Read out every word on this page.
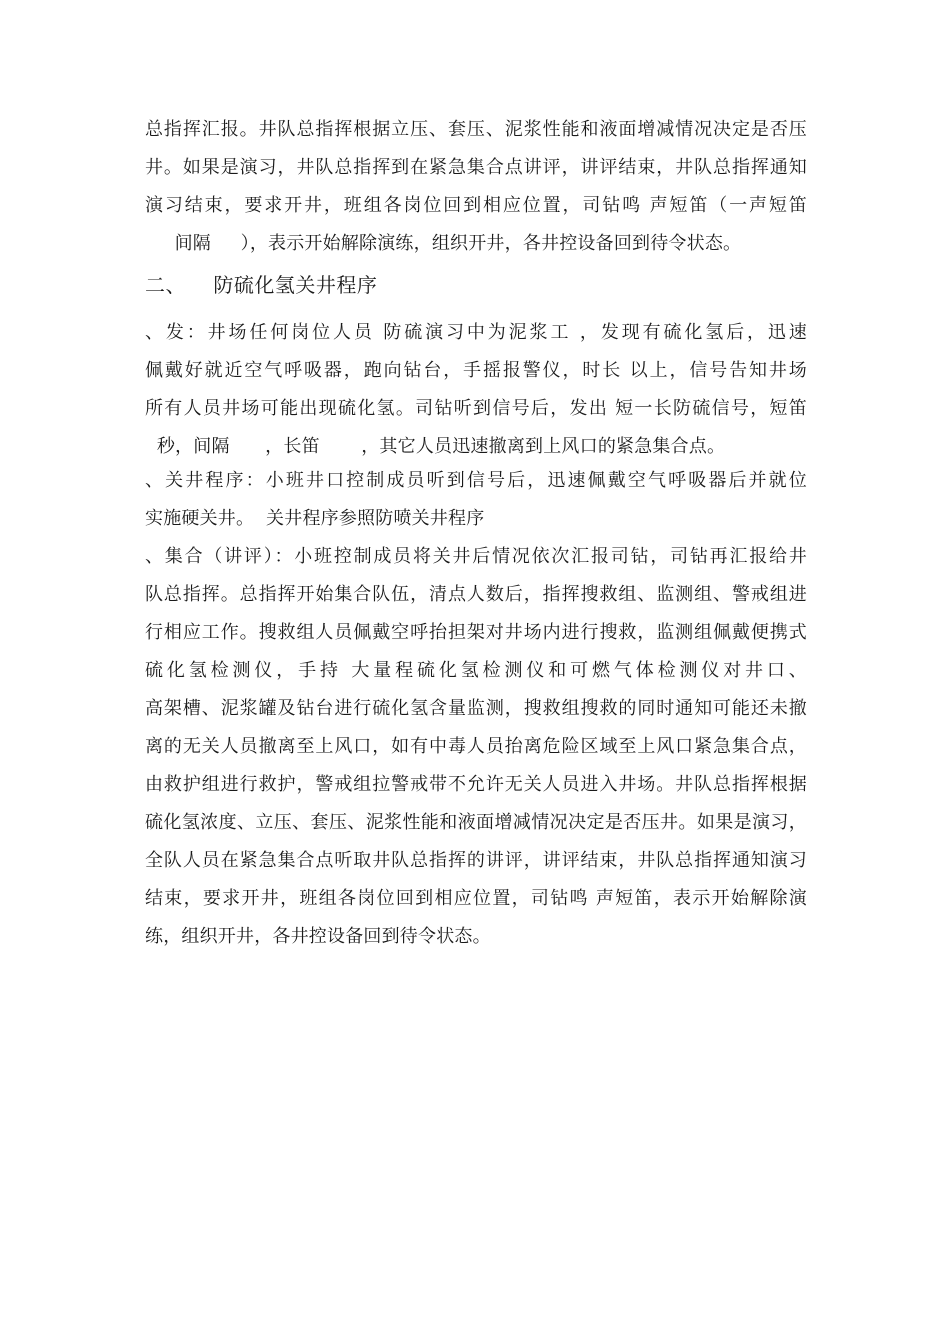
总指挥汇报。井队总指挥根据立压、套压、泥浆性能和液面增减情况决定是否压
井。如果是演习，井队总指挥到在紧急集合点讲评，讲评结束，井队总指挥通知
演习结束，要求开井，班组各岗位回到相应位置，司钻鸣 声短笛（一声短笛
间隔     ），表示开始解除演练，组织开井，各井控设备回到待令状态。
二、    防硫化氢关井程序
、发：井场任何岗位人员 防硫演习中为泥浆工 ，发现有硫化氢后，迅速
佩戴好就近空气呼吸器，跑向钻台，手摇报警仪，时长 以上，信号告知井场
所有人员井场可能出现硫化氢。司钻听到信号后，发出 短一长防硫信号，短笛
秒，间隔      ，长笛       ，其它人员迅速撤离到上风口的紧急集合点。
、关井程序：小班井口控制成员听到信号后，迅速佩戴空气呼吸器后并就位
实施硬关井。  关井程序参照防喷关井程序
、集合（讲评）：小班控制成员将关井后情况依次汇报司钻，司钻再汇报给井
队总指挥。总指挥开始集合队伍，清点人数后，指挥搜救组、监测组、警戒组进
行相应工作。搜救组人员佩戴空呼抬担架对井场内进行搜救，监测组佩戴便携式
硫化氢检测仪，手持 大量程硫化氢检测仪和可燃气体检测仪对井口、
高架槽、泥浆罐及钻台进行硫化氢含量监测，搜救组搜救的同时通知可能还未撤
离的无关人员撤离至上风口，如有中毒人员抬离危险区域至上风口紧急集合点，
由救护组进行救护，警戒组拉警戒带不允许无关人员进入井场。井队总指挥根据
硫化氢浓度、立压、套压、泥浆性能和液面增减情况决定是否压井。如果是演习，
全队人员在紧急集合点听取井队总指挥的讲评，讲评结束，井队总指挥通知演习
结束，要求开井，班组各岗位回到相应位置，司钻鸣 声短笛，表示开始解除演
练，组织开井，各井控设备回到待令状态。
